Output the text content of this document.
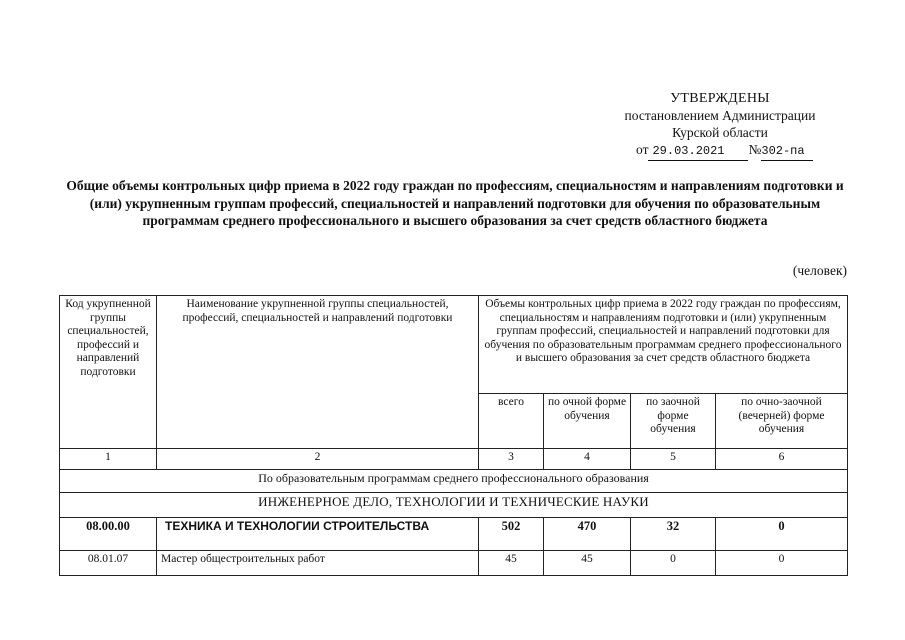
УТВЕРЖДЕНЫ
постановлением Администрации
Курской области
от 29.03.2021 №302-па
Общие объемы контрольных цифр приема в 2022 году граждан по профессиям, специальностям и направлениям подготовки и (или) укрупненным группам профессий, специальностей и направлений подготовки для обучения по образовательным программам среднего профессионального и высшего образования за счет средств областного бюджета
(человек)
Код укрупненной группы специальностей, профессий и направлений подготовки	Наименование укрупненной группы специальностей, профессий, специальностей и направлений подготовки	Объемы контрольных цифр приема в 2022 году граждан по профессиям, специальностям и направлениям подготовки и (или) укрупненным группам профессий, специальностей и направлений подготовки для обучения по образовательным программам среднего профессионального и высшего образования за счет средств областного бюджета			
		всего	по очной форме обучения	по заочной форме обучения	по очно-заочной (вечерней) форме обучения
1	2	3	4	5	6
По образовательным программам среднего профессионального образования					
ИНЖЕНЕРНОЕ ДЕЛО, ТЕХНОЛОГИИ И ТЕХНИЧЕСКИЕ НАУКИ					
08.00.00	ТЕХНИКА И ТЕХНОЛОГИИ СТРОИТЕЛЬСТВА	502	470	32	0
08.01.07	Мастер общестроительных работ	45	45	0	0
